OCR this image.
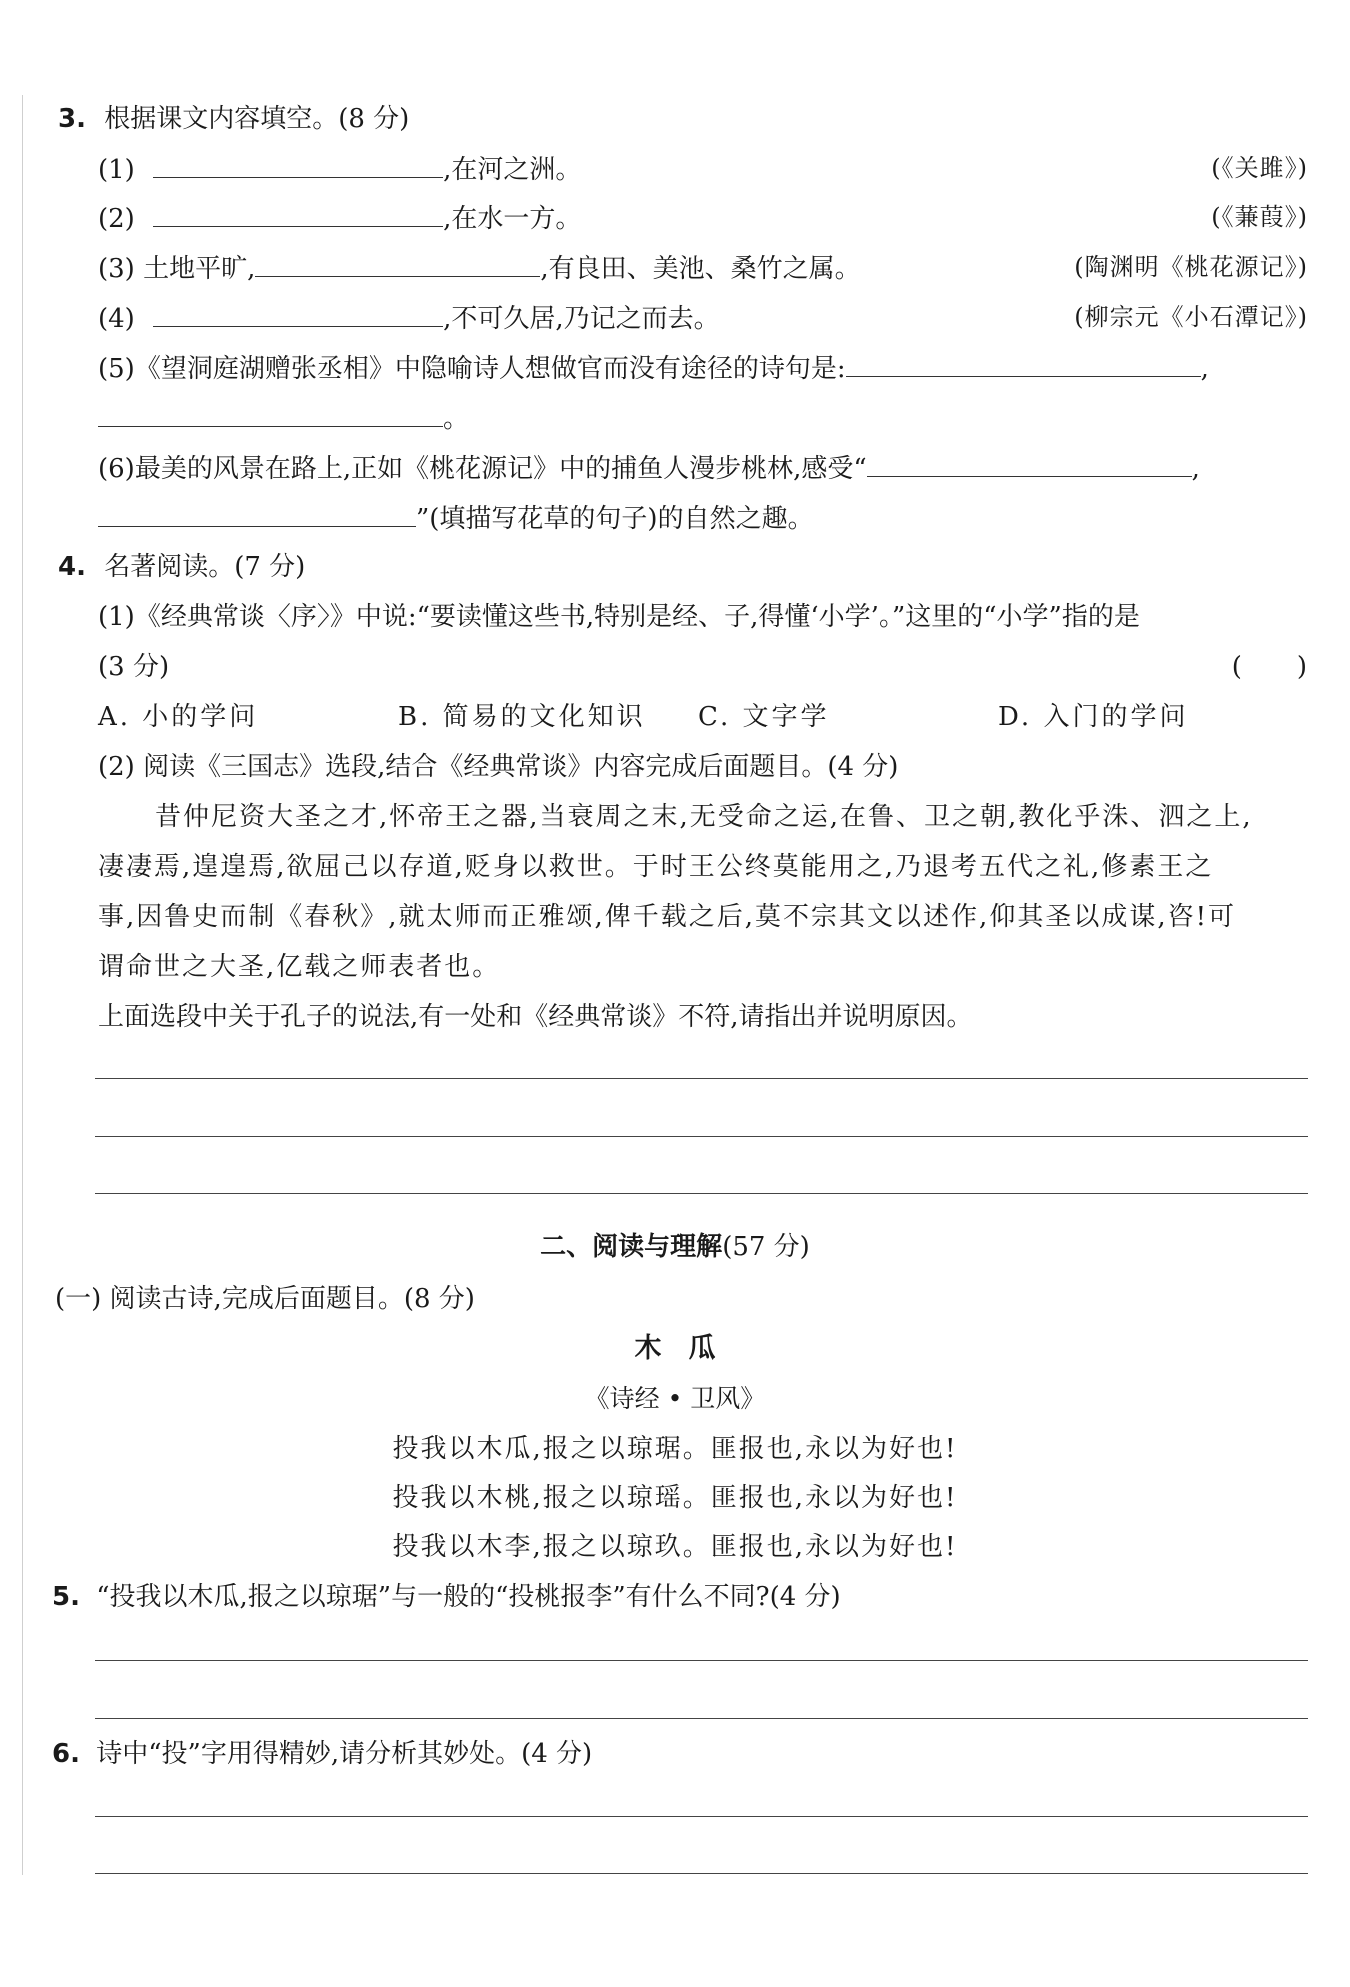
3. 根据课文内容填空。(8 分)
(1)	,在河之洲。	(《关雎》)
(2)	,在水一方。	(《蒹葭》)
(3) 土地平旷,	,有良田、美池、桑竹之属。	(陶渊明《桃花源记》)
(4)	,不可久居,乃记之而去。	(柳宗元《小石潭记》)
(5)《望洞庭湖赠张丞相》中隐喻诗人想做官而没有途径的诗句是:	,
。
(6)最美的风景在路上,正如《桃花源记》中的捕鱼人漫步桃林,感受“	,
”(填描写花草的句子)的自然之趣。
4. 名著阅读。(7 分)
(1)《经典常谈〈序〉》中说:“要读懂这些书,特别是经、子,得懂‘小学’。”这里的“小学”指的是
(3 分)	(　　)
A. 小的学问	B. 简易的文化知识 C. 文字学	D. 入门的学问
(2) 阅读《三国志》选段,结合《经典常谈》内容完成后面题目。(4 分)
昔仲尼资大圣之才,怀帝王之器,当衰周之末,无受命之运,在鲁、卫之朝,教化乎洙、泗之上,
凄凄焉,遑遑焉,欲屈己以存道,贬身以救世。于时王公终莫能用之,乃退考五代之礼,修素王之
事,因鲁史而制《春秋》,就太师而正雅颂,俾千载之后,莫不宗其文以述作,仰其圣以成谋,咨!可
谓命世之大圣,亿载之师表者也。
上面选段中关于孔子的说法,有一处和《经典常谈》不符,请指出并说明原因。
二、阅读与理解(57 分)
(一) 阅读古诗,完成后面题目。(8 分)
木　瓜
《诗经 • 卫风》
投我以木瓜,报之以琼琚。匪报也,永以为好也!
投我以木桃,报之以琼瑶。匪报也,永以为好也!
投我以木李,报之以琼玖。匪报也,永以为好也!
5. “投我以木瓜,报之以琼琚”与一般的“投桃报李”有什么不同?(4 分)
6. 诗中“投”字用得精妙,请分析其妙处。(4 分)
